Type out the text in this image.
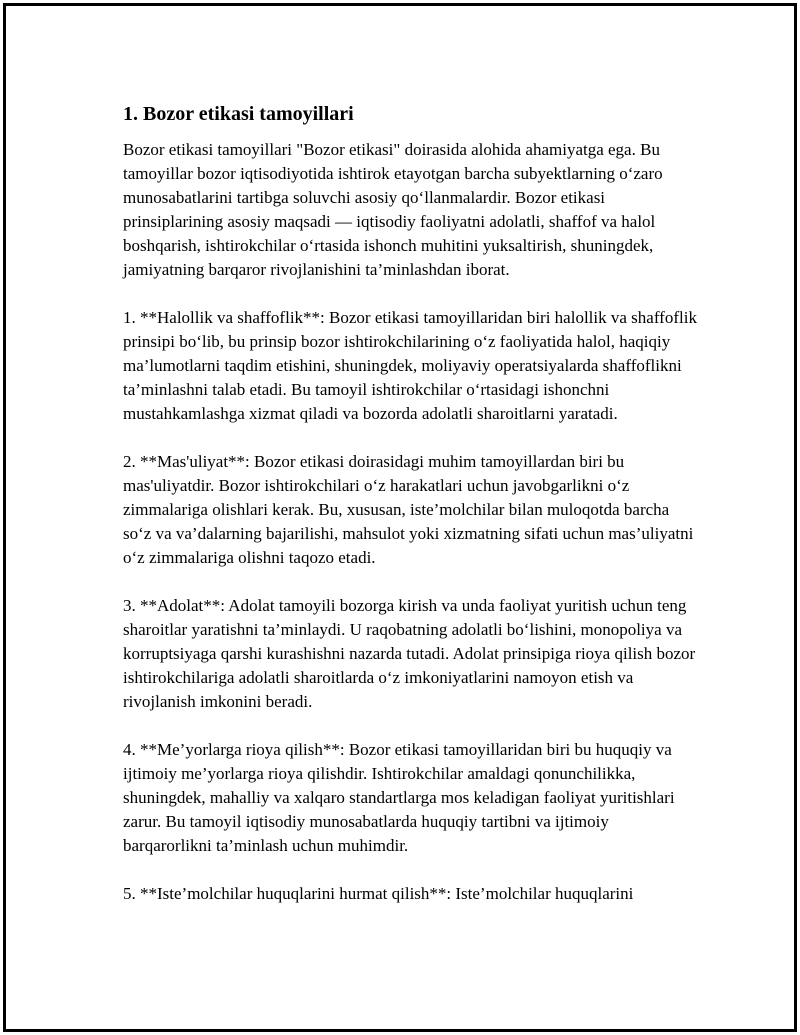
1. Bozor etikasi tamoyillari

Bozor etikasi tamoyillari "Bozor etikasi" doirasida alohida ahamiyatga ega. Bu tamoyillar bozor iqtisodiyotida ishtirok etayotgan barcha subyektlarning o‘zaro munosabatlarini tartibga soluvchi asosiy qo‘llanmalardir. Bozor etikasi prinsiplarining asosiy maqsadi — iqtisodiy faoliyatni adolatli, shaffof va halol boshqarish, ishtirokchilar o‘rtasida ishonch muhitini yuksaltirish, shuningdek, jamiyatning barqaror rivojlanishini ta’minlashdan iborat.

1. **Halollik va shaffoflik**: Bozor etikasi tamoyillaridan biri halollik va shaffoflik prinsipi bo‘lib, bu prinsip bozor ishtirokchilarining o‘z faoliyatida halol, haqiqiy ma’lumotlarni taqdim etishini, shuningdek, moliyaviy operatsiyalarda shaffoflikni ta’minlashni talab etadi. Bu tamoyil ishtirokchilar o‘rtasidagi ishonchni mustahkamlashga xizmat qiladi va bozorda adolatli sharoitlarni yaratadi.

2. **Mas'uliyat**: Bozor etikasi doirasidagi muhim tamoyillardan biri bu mas'uliyatdir. Bozor ishtirokchilari o‘z harakatlari uchun javobgarlikni o‘z zimmalariga olishlari kerak. Bu, xususan, iste’molchilar bilan muloqotda barcha so‘z va va’dalarning bajarilishi, mahsulot yoki xizmatning sifati uchun mas’uliyatni o‘z zimmalariga olishni taqozo etadi.

3. **Adolat**: Adolat tamoyili bozorga kirish va unda faoliyat yuritish uchun teng sharoitlar yaratishni ta’minlaydi. U raqobatning adolatli bo‘lishini, monopoliya va korruptsiyaga qarshi kurashishni nazarda tutadi. Adolat prinsipiga rioya qilish bozor ishtirokchilariga adolatli sharoitlarda o‘z imkoniyatlarini namoyon etish va rivojlanish imkonini beradi.

4. **Me’yorlarga rioya qilish**: Bozor etikasi tamoyillaridan biri bu huquqiy va ijtimoiy me’yorlarga rioya qilishdir. Ishtirokchilar amaldagi qonunchilikka, shuningdek, mahalliy va xalqaro standartlarga mos keladigan faoliyat yuritishlari zarur. Bu tamoyil iqtisodiy munosabatlarda huquqiy tartibni va ijtimoiy barqarorlikni ta’minlash uchun muhimdir.

5. **Iste’molchilar huquqlarini hurmat qilish**: Iste’molchilar huquqlarini
